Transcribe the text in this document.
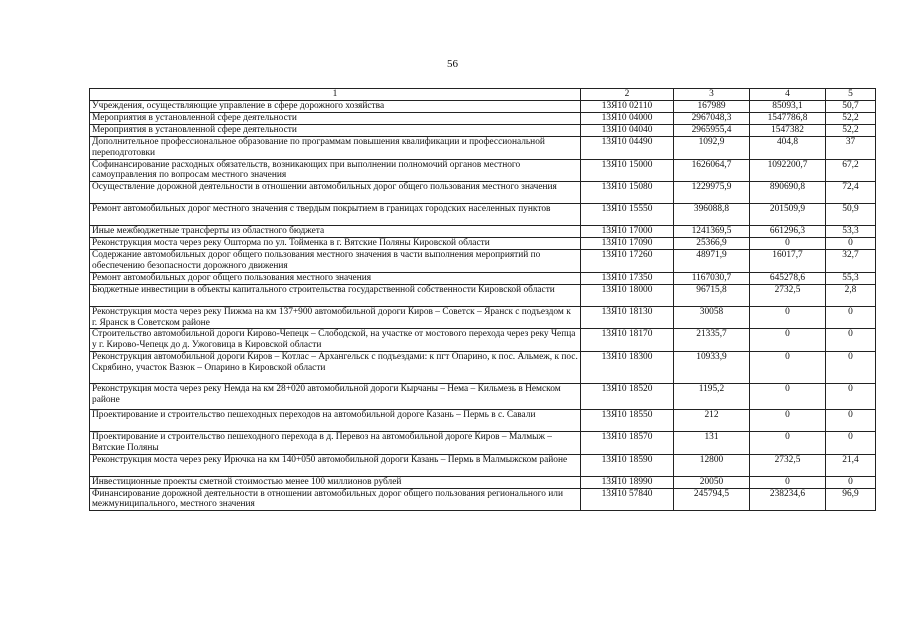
56
1	2	3	4	5
Учреждения, осуществляющие управление в сфере дорожного хозяйства	13Я10 02110	167989	85093,1	50,7
Мероприятия в установленной сфере деятельности	13Я10 04000	2967048,3	1547786,8	52,2
Мероприятия в установленной сфере деятельности	13Я10 04040	2965955,4	1547382	52,2
Дополнительное профессиональное образование по программам повышения квалификации и профессиональной переподготовки	13Я10 04490	1092,9	404,8	37
Софинансирование расходных обязательств, возникающих при выполнении полномочий органов местного самоуправления по вопросам местного значения	13Я10 15000	1626064,7	1092200,7	67,2
Осуществление дорожной деятельности в отношении автомобильных дорог общего пользования местного значения	13Я10 15080	1229975,9	890690,8	72,4
Ремонт автомобильных дорог местного значения с твердым покрытием в границах городских населенных пунктов	13Я10 15550	396088,8	201509,9	50,9
Иные межбюджетные трансферты из областного бюджета	13Я10 17000	1241369,5	661296,3	53,3
Реконструкция моста через реку Ошторма по ул. Тойменка в г. Вятские Поляны Кировской области	13Я10 17090	25366,9	0	0
Содержание автомобильных дорог общего пользования местного значения в части выполнения мероприятий по обеспечению безопасности дорожного движения	13Я10 17260	48971,9	16017,7	32,7
Ремонт автомобильных дорог общего пользования местного значения	13Я10 17350	1167030,7	645278,6	55,3
Бюджетные инвестиции в объекты капитального строительства государственной собственности Кировской области	13Я10 18000	96715,8	2732,5	2,8
Реконструкция моста через реку Пижма на км 137+900 автомобильной дороги Киров – Советск – Яранск с подъездом к г. Яранск в Советском районе	13Я10 18130	30058	0	0
Строительство автомобильной дороги Кирово-Чепецк – Слободской, на участке от мостового перехода через реку Чепца у г. Кирово-Чепецк до д. Ужоговица в Кировской области	13Я10 18170	21335,7	0	0
Реконструкция автомобильной дороги Киров – Котлас – Архангельск с подъездами: к пгт Опарино, к пос. Альмеж, к пос. Скрябино, участок Вазюк – Опарино в Кировской области	13Я10 18300	10933,9	0	0
Реконструкция моста через реку Немда на км 28+020 автомобильной дороги Кырчаны – Нема – Кильмезь в Немском районе	13Я10 18520	1195,2	0	0
Проектирование и строительство пешеходных переходов на автомобильной дороге Казань – Пермь в с. Савали	13Я10 18550	212	0	0
Проектирование и строительство пешеходного перехода в д. Перевоз на автомобильной дороге Киров – Малмыж – Вятские Поляны	13Я10 18570	131	0	0
Реконструкция моста через реку Ирючка на км 140+050 автомобильной дороги Казань – Пермь в Малмыжском районе	13Я10 18590	12800	2732,5	21,4
Инвестиционные проекты сметной стоимостью менее 100 миллионов рублей	13Я10 18990	20050	0	0
Финансирование дорожной деятельности в отношении автомобильных дорог общего пользования регионального или межмуниципального, местного значения	13Я10 57840	245794,5	238234,6	96,9
